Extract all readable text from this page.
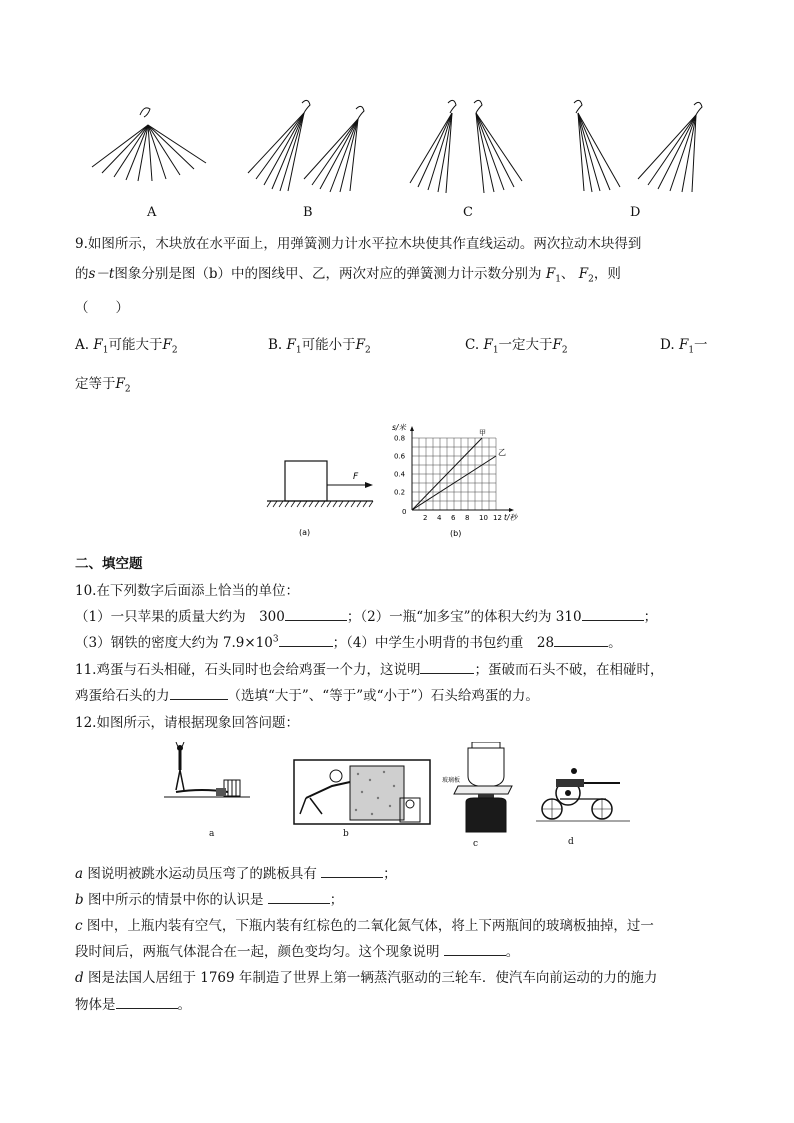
A	B	C	D
9.如图所示，木块放在水平面上，用弹簧测力计水平拉木块使其作直线运动。两次拉动木块得到
的s－t图象分别是图（b）中的图线甲、乙，两次对应的弹簧测力计示数分别为 $F_1$、 $F_2$，则
（　　）
A. $F_1$可能大于$F_2$	B. $F_1$可能小于$F_2$	C. $F_1$一定大于$F_2$	D. $F_1$一
定等于$F_2$
F
(a)
s/米
t/秒
0.8
0.6
0.4
0.2
2 4 6 8 10 12
0
甲
乙
(b)
二、填空题
10.在下列数字后面添上恰当的单位：
（1）一只苹果的质量大约为　300	；（2）一瓶“加多宝”的体积大约为 310	；
（3）钢铁的密度大约为 $7.9\times 10^3$	；（4）中学生小明背的书包约重　28	。
11.鸡蛋与石头相碰，石头同时也会给鸡蛋一个力，这说明	；蛋破而石头不破，在相碰时，
鸡蛋给石头的力	（选填“大于”、“等于”或“小于”）石头给鸡蛋的力。
12.如图所示，请根据现象回答问题：
a	b
玻璃板
c	d
a 图说明被跳水运动员压弯了的跳板具有	；
b 图中所示的情景中你的认识是	；
c 图中，上瓶内装有空气，下瓶内装有红棕色的二氧化氮气体，将上下两瓶间的玻璃板抽掉，过一
段时间后，两瓶气体混合在一起，颜色变均匀。这个现象说明	。
d 图是法国人居纽于 1769 年制造了世界上第一辆蒸汽驱动的三轮车．使汽车向前运动的力的施力
物体是	。
